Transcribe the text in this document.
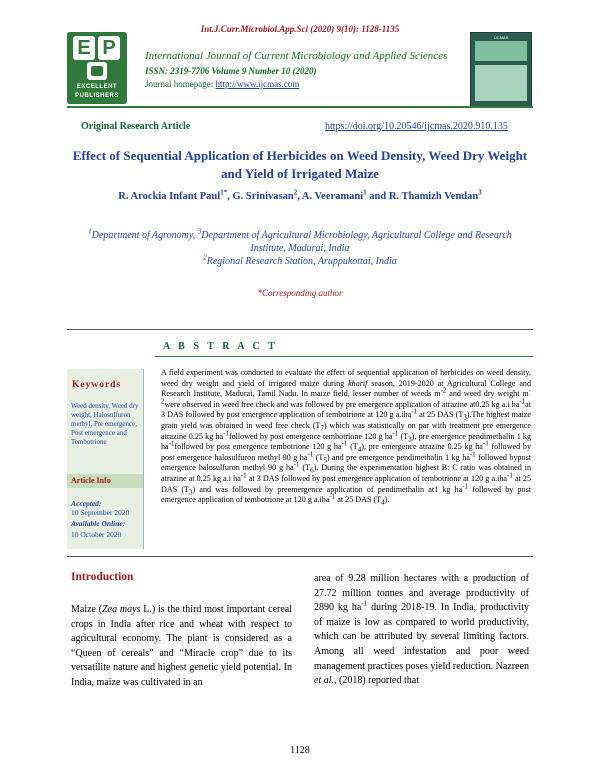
Int.J.Curr.Microbiol.App.Sci (2020) 9(10): 1128-1135
E P
EXCELLENT
PUBLISHERS
International Journal of Current Microbiology and Applied Sciences
ISSN: 2319-7706 Volume 9 Number 10 (2020)
Journal homepage: http://www.ijcmas.com
IJCMAS
Original Research Article	https://doi.org/10.20546/ijcmas.2020.910.135
Effect of Sequential Application of Herbicides on Weed Density, Weed Dry Weight and Yield of Irrigated Maize
R. Arockia Infant Paul$^{1*}$, G. Srinivasan$^2$, A. Veeramani$^1$ and R. Thamizh Vendan$^3$
$^1$Department of Agronomy, $^3$Department of Agricultural Microbiology, Agricultural College and Research Institute, Madurai, India
$^2$Regional Research Station, Aruppukottai, India
*Corresponding author
A B S T R A C T
Keywords
Weed density, Weed dry weight, Halosulfuron methyl, Pre emergence, Post emergence and Tembotrione
Article Info
Accepted:
10 September 2020
Available Online:
10 October 2020
A field experiment was conducted to evaluate the effect of sequential application of herbicides on weed density, weed dry weight and yield of irrigated maize during kharif season, 2019-2020 at Agricultural College and Research Institute, Madurai, Tamil Nadu. In maize field, lesser number of weeds $m^{-2}$ and weed dry weight $m^{-2}were$ observed in weed free check and was followed by pre emergence application of atrazine at0.25 kg a.i $ha^{-1}at$ 3 DAS followed by post emergence application of tembotrione at 120 g a.iha$^{-1}$ at 25 DAS $(T_3).The$ highest maize grain yield was obtained in weed free check $(T_7)$ which was statistically on par with treatment pre emergence atrazine 0.25 kg $ha^{-1}followed$ by post emergence tembotrione 120 g $ha^{-1}$ $(T_3)$, pre emergence pendimethalin 1 kg $ha^{-1}followed$ by post emergence tembotrione 120 g $ha^{-1}$ $(T_4)$, pre emergence atrazine 0.25 kg $ha^{-1}$ followed by post emergence halosulfuron methyl 90 g $ha^{-1}$ $(T_5)$ and pre emergence pendimethalin 1 kg $ha^{-1}$ followed bypost emergence halosulfuron methyl 90 g $ha^{-1}$ $(T_6)$. During the experimentation highest B: C ratio was obtained in atrazine at 0.25 kg a.i $ha^{-1}$ at 3 DAS followed by post emergence application of tembotrione at 120 g a.iha$^{-1}$ at 25 DAS $(T_3)$ and was followed by preemergence application of pendimethalin at1 kg $ha^{-1}$ followed by post emergence application of tembotrione at 120 g a.iha$^{-1}$ at 25 DAS $(T_4)$.
Introduction
Maize (Zea mays L.) is the third most important cereal crops in India after rice and wheat with respect to agricultural economy. The plant is considered as a “Queen of cereals” and “Miracle crop” due to its versatilite nature and highest genetic yield potential. In India, maize was cultivated in an
area of 9.28 million hectares with a production of 27.72 million tonnes and average productivity of 2890 kg $ha^{-1}$ during 2018-19. In India, productivity of maize is low as compared to world productivity, which can be attributed by several limiting factors. Among all weed infestation and poor weed management practices poses yield reduction. Nazreen et al., (2018) reported that
1128
